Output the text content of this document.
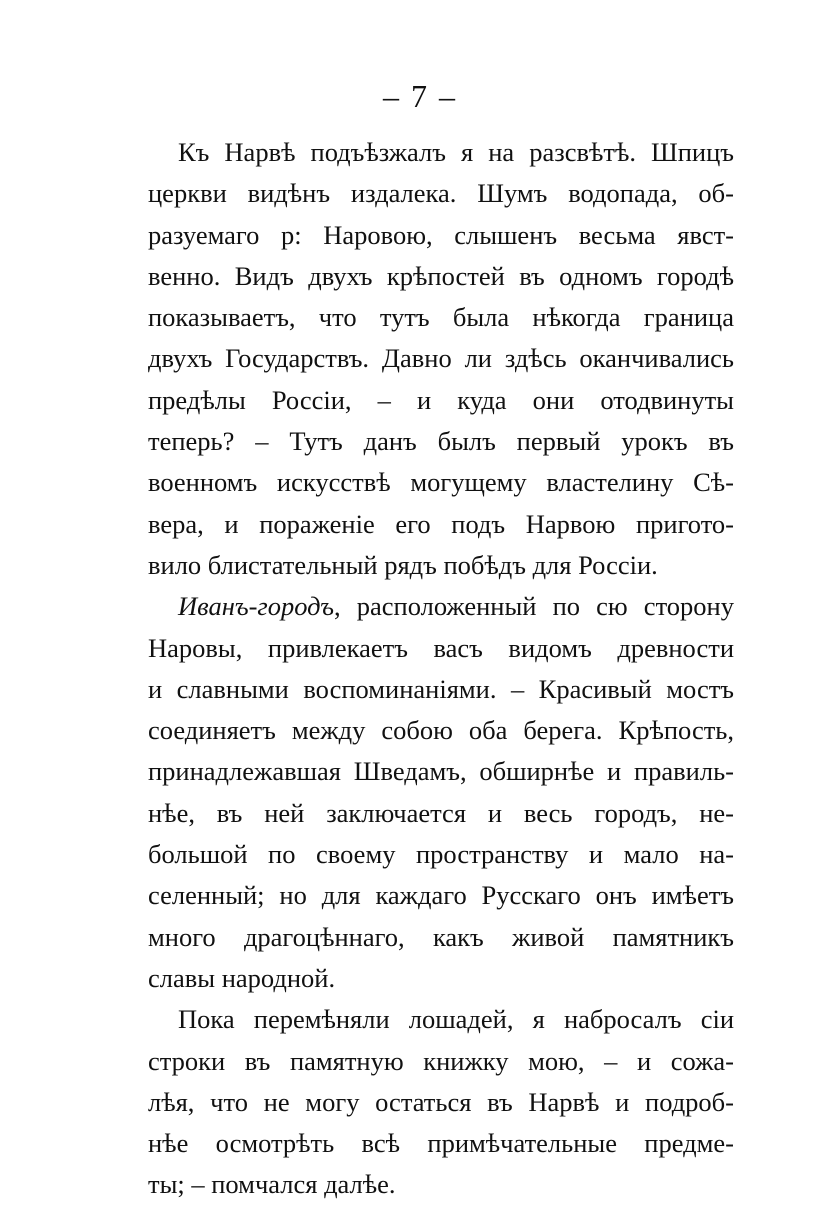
– 7 –
Къ Нарвѣ подъѣзжалъ я на разсвѣтѣ. Шпицъ
церкви видѣнъ издалека. Шумъ водопада, об-
разуемаго р: Наровою, слышенъ весьма явст-
венно. Видъ двухъ крѣпостей въ одномъ городѣ
показываетъ, что тутъ была нѣкогда граница
двухъ Государствъ. Давно ли здѣсь оканчивались
предѣлы Россіи, – и куда они отодвинуты
теперь? – Тутъ данъ былъ первый урокъ въ
военномъ искусствѣ могущему властелину Сѣ-
вера, и пораженіе его подъ Нарвою пригото-
вило блистательный рядъ побѣдъ для Россіи.
Иванъ-городъ, расположенный по сю сторону
Наровы, привлекаетъ васъ видомъ древности
и славными воспоминаніями. – Красивый мостъ
соединяетъ между собою оба берега. Крѣпость,
принадлежавшая Шведамъ, обширнѣе и правиль-
нѣе, въ ней заключается и весь городъ, не-
большой по своему пространству и мало на-
селенный; но для каждаго Русскаго онъ имѣетъ
много драгоцѣннаго, какъ живой памятникъ
славы народной.
Пока перемѣняли лошадей, я набросалъ сіи
строки въ памятную книжку мою, – и сожа-
лѣя, что не могу остаться въ Нарвѣ и подроб-
нѣе осмотрѣть всѣ примѣчательные предме-
ты; – помчался далѣе.
